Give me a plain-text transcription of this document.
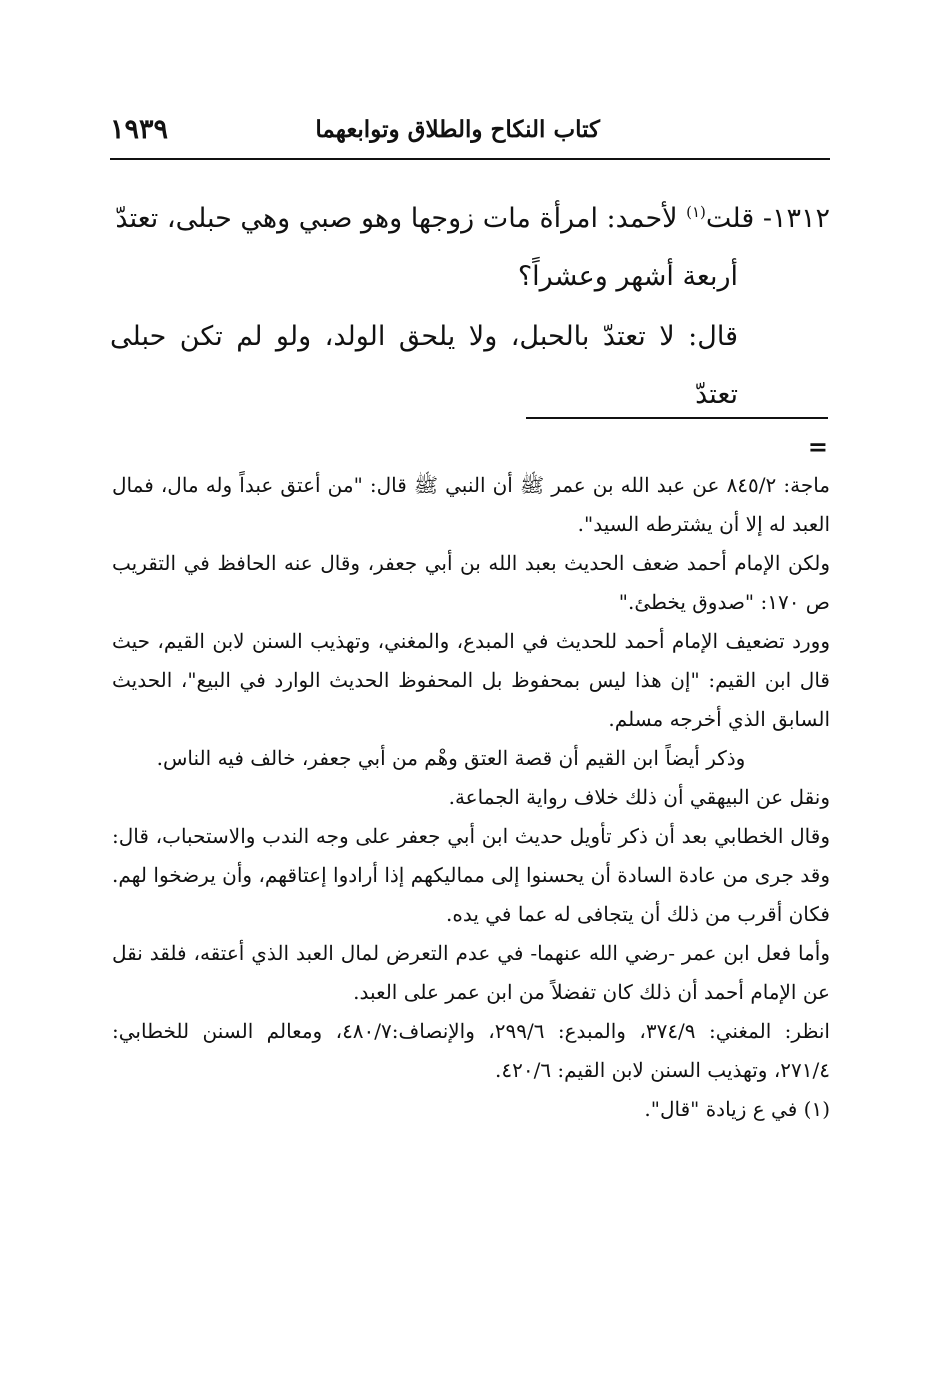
كتاب النكاح والطلاق وتوابعهما
١٩٣٩

١٣١٢- قلت$^{(١)}$ لأحمد: امرأة مات زوجها وهو صبي وهي حبلى، تعتدّ

أربعة أشهر وعشراً؟

قال: لا تعتدّ بالحبل، ولا يلحق الولد، ولو لم تكن حبلى تعتدّ

=

ماجة: ٨٤٥/٢ عن عبد الله بن عمر ﷺ أن النبي ﷺ قال: "من أعتق عبداً وله مال، فمال العبد له إلا أن يشترطه السيد".

ولكن الإمام أحمد ضعف الحديث بعبد الله بن أبي جعفر، وقال عنه الحافظ في التقريب ص ١٧٠: "صدوق يخطئ."

وورد تضعيف الإمام أحمد للحديث في المبدع، والمغني، وتهذيب السنن لابن القيم، حيث قال ابن القيم: "إن هذا ليس بمحفوظ بل المحفوظ الحديث الوارد في البيع"، الحديث السابق الذي أخرجه مسلم.

وذكر أيضاً ابن القيم أن قصة العتق وهْم من أبي جعفر، خالف فيه الناس.

ونقل عن البيهقي أن ذلك خلاف رواية الجماعة.

وقال الخطابي بعد أن ذكر تأويل حديث ابن أبي جعفر على وجه الندب والاستحباب، قال: وقد جرى من عادة السادة أن يحسنوا إلى مماليكهم إذا أرادوا إعتاقهم، وأن يرضخوا لهم. فكان أقرب من ذلك أن يتجافى له عما في يده.

وأما فعل ابن عمر -رضي الله عنهما- في عدم التعرض لمال العبد الذي أعتقه، فلقد نقل عن الإمام أحمد أن ذلك كان تفضلاً من ابن عمر على العبد.

انظر: المغني: ٣٧٤/٩، والمبدع: ٢٩٩/٦، والإنصاف:٤٨٠/٧، ومعالم السنن للخطابي: ٢٧١/٤، وتهذيب السنن لابن القيم: ٤٢٠/٦.

(١) في ع زيادة "قال".
